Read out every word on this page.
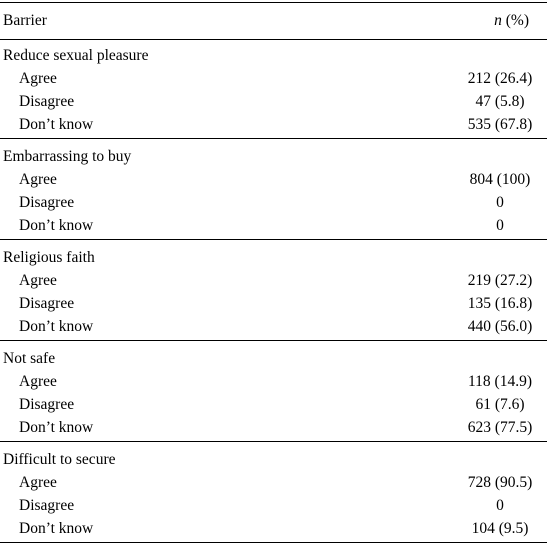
Barrier	n (%)
Reduce sexual pleasure
Agree	212 (26.4)
Disagree	47 (5.8)
Don’t know	535 (67.8)
Embarrassing to buy
Agree	804 (100)
Disagree	0
Don’t know	0
Religious faith
Agree	219 (27.2)
Disagree	135 (16.8)
Don’t know	440 (56.0)
Not safe
Agree	118 (14.9)
Disagree	61 (7.6)
Don’t know	623 (77.5)
Difficult to secure
Agree	728 (90.5)
Disagree	0
Don’t know	104 (9.5)
